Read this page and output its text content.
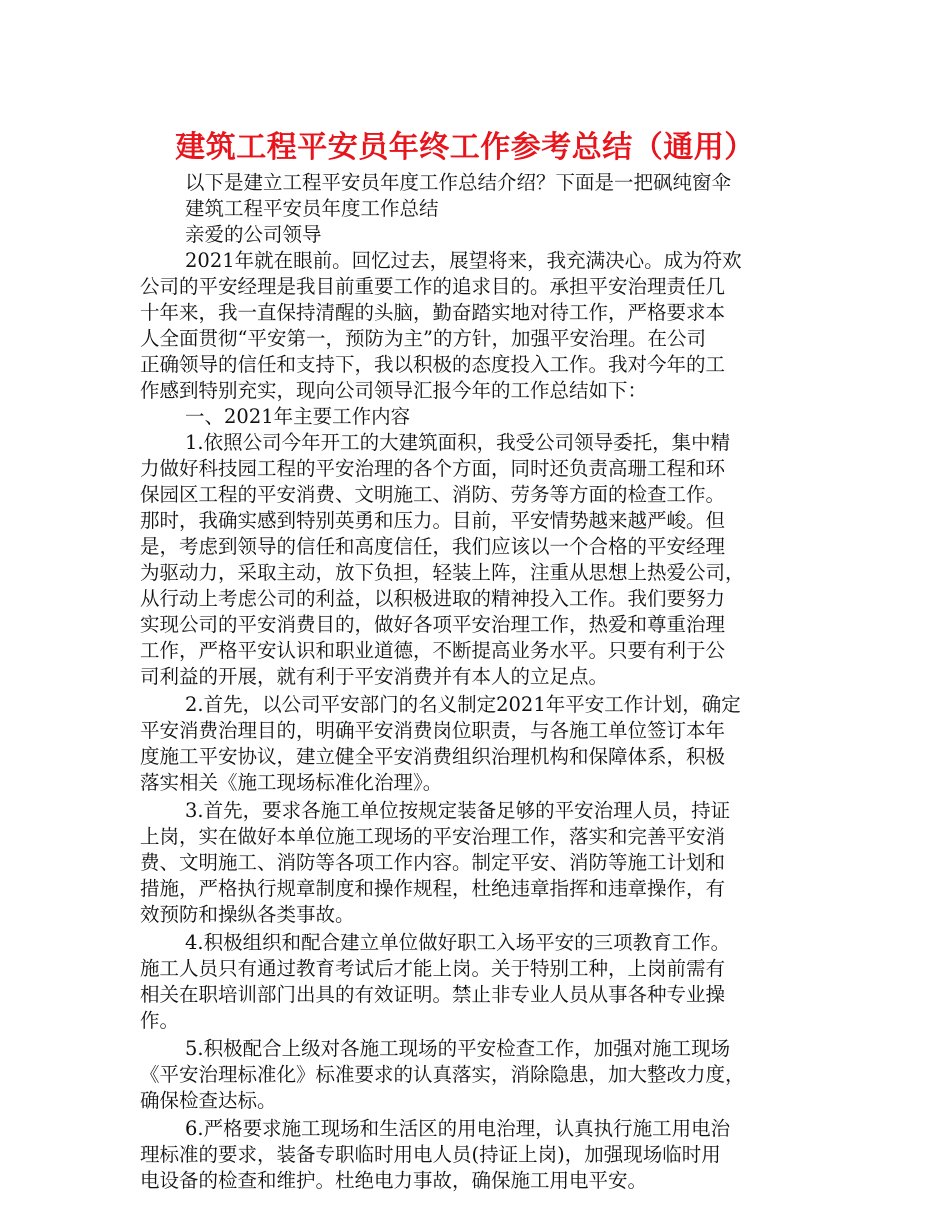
建筑工程平安员年终工作参考总结（通用）
以下是建立工程平安员年度工作总结介绍？下面是一把砜纯窗伞
建筑工程平安员年度工作总结
亲爱的公司领导
2021年就在眼前。回忆过去，展望将来，我充满决心。成为符欢
公司的平安经理是我目前重要工作的追求目的。承担平安治理责任几
十年来，我一直保持清醒的头脑，勤奋踏实地对待工作，严格要求本
人全面贯彻“平安第一，预防为主”的方针，加强平安治理。在公司
正确领导的信任和支持下，我以积极的态度投入工作。我对今年的工
作感到特别充实，现向公司领导汇报今年的工作总结如下：
一、2021年主要工作内容
1.依照公司今年开工的大建筑面积，我受公司领导委托，集中精
力做好科技园工程的平安治理的各个方面，同时还负责高珊工程和环
保园区工程的平安消费、文明施工、消防、劳务等方面的检查工作。
那时，我确实感到特别英勇和压力。目前，平安情势越来越严峻。但
是，考虑到领导的信任和高度信任，我们应该以一个合格的平安经理
为驱动力，采取主动，放下负担，轻装上阵，注重从思想上热爱公司，
从行动上考虑公司的利益，以积极进取的精神投入工作。我们要努力
实现公司的平安消费目的，做好各项平安治理工作，热爱和尊重治理
工作，严格平安认识和职业道德，不断提高业务水平。只要有利于公
司利益的开展，就有利于平安消费并有本人的立足点。
2.首先，以公司平安部门的名义制定2021年平安工作计划，确定
平安消费治理目的，明确平安消费岗位职责，与各施工单位签订本年
度施工平安协议，建立健全平安消费组织治理机构和保障体系，积极
落实相关《施工现场标准化治理》。
3.首先，要求各施工单位按规定装备足够的平安治理人员，持证
上岗，实在做好本单位施工现场的平安治理工作，落实和完善平安消
费、文明施工、消防等各项工作内容。制定平安、消防等施工计划和
措施，严格执行规章制度和操作规程，杜绝违章指挥和违章操作，有
效预防和操纵各类事故。
4.积极组织和配合建立单位做好职工入场平安的三项教育工作。
施工人员只有通过教育考试后才能上岗。关于特别工种，上岗前需有
相关在职培训部门出具的有效证明。禁止非专业人员从事各种专业操
作。
5.积极配合上级对各施工现场的平安检查工作，加强对施工现场
《平安治理标准化》标准要求的认真落实，消除隐患，加大整改力度，
确保检查达标。
6.严格要求施工现场和生活区的用电治理，认真执行施工用电治
理标准的要求，装备专职临时用电人员(持证上岗)，加强现场临时用
电设备的检查和维护。杜绝电力事故，确保施工用电平安。
